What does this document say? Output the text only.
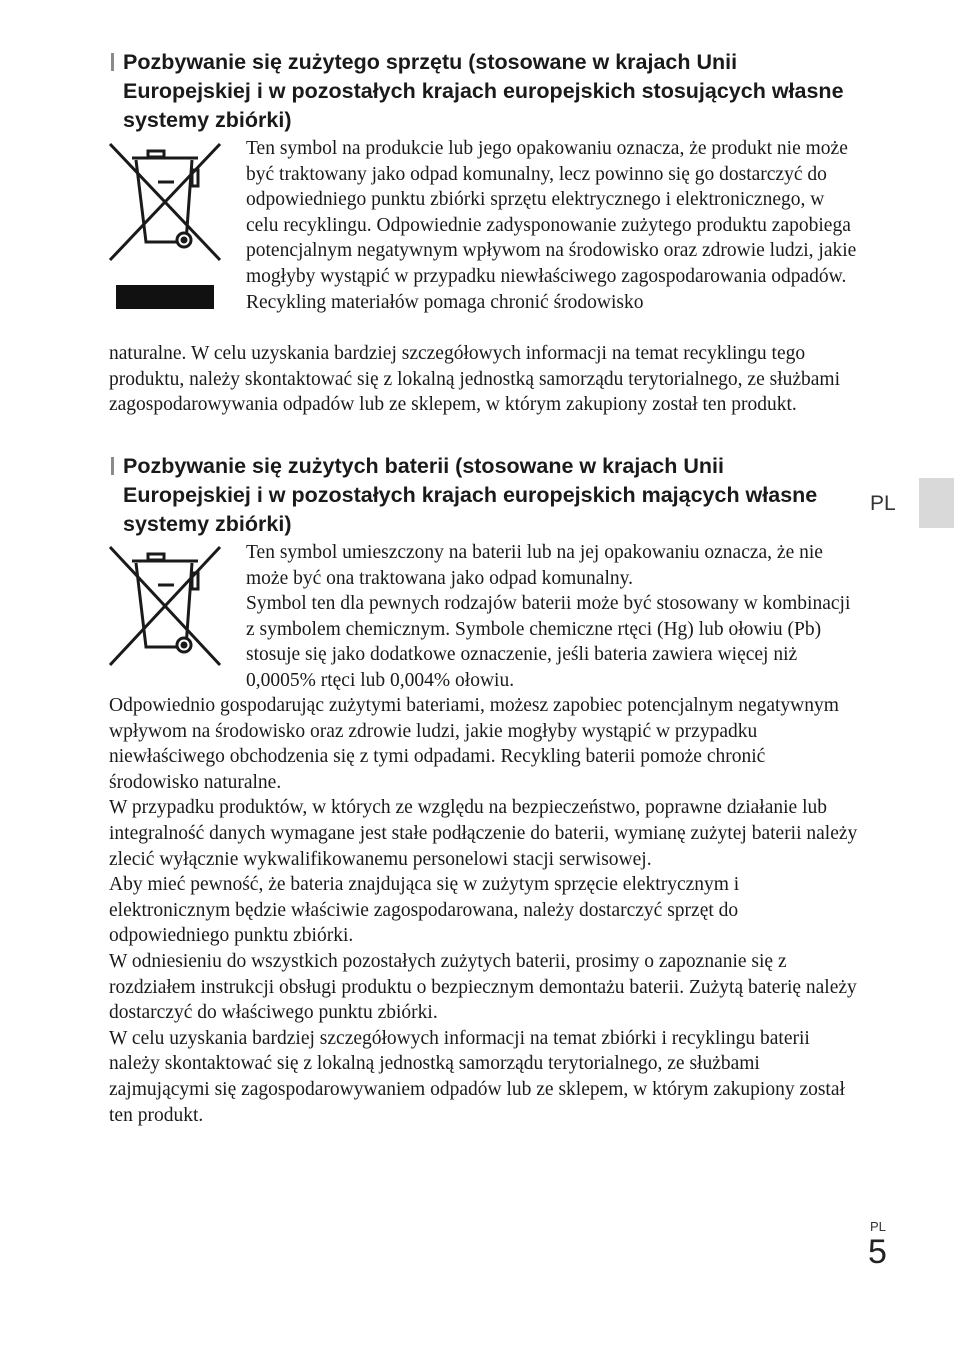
Pozbywanie się zużytego sprzętu (stosowane w krajach Unii Europejskiej i w pozostałych krajach europejskich stosujących własne systemy zbiórki)
Ten symbol na produkcie lub jego opakowaniu oznacza, że produkt nie może być traktowany jako odpad komunalny, lecz powinno się go dostarczyć do odpowiedniego punktu zbiórki sprzętu elektrycznego i elektronicznego, w celu recyklingu. Odpowiednie zadysponowanie zużytego produktu zapobiega potencjalnym negatywnym wpływom na środowisko oraz zdrowie ludzi, jakie mogłyby wystąpić w przypadku niewłaściwego zagospodarowania odpadów. Recykling materiałów pomaga chronić środowisko
naturalne. W celu uzyskania bardziej szczegółowych informacji na temat recyklingu tego produktu, należy skontaktować się z lokalną jednostką samorządu terytorialnego, ze służbami zagospodarowywania odpadów lub ze sklepem, w którym zakupiony został ten produkt.
Pozbywanie się zużytych baterii (stosowane w krajach Unii Europejskiej i w pozostałych krajach europejskich mających własne systemy zbiórki)

Ten symbol umieszczony na baterii lub na jej opakowaniu oznacza, że nie może być ona traktowana jako odpad komunalny.

Symbol ten dla pewnych rodzajów baterii może być stosowany w kombinacji z symbolem chemicznym. Symbole chemiczne rtęci (Hg) lub ołowiu (Pb) stosuje się jako dodatkowe oznaczenie, jeśli bateria zawiera więcej niż 0,0005% rtęci lub 0,004% ołowiu.

Odpowiednio gospodarując zużytymi bateriami, możesz zapobiec potencjalnym negatywnym wpływom na środowisko oraz zdrowie ludzi, jakie mogłyby wystąpić w przypadku niewłaściwego obchodzenia się z tymi odpadami. Recykling baterii pomoże chronić środowisko naturalne.

W przypadku produktów, w których ze względu na bezpieczeństwo, poprawne działanie lub integralność danych wymagane jest stałe podłączenie do baterii, wymianę zużytej baterii należy zlecić wyłącznie wykwalifikowanemu personelowi stacji serwisowej.

Aby mieć pewność, że bateria znajdująca się w zużytym sprzęcie elektrycznym i elektronicznym będzie właściwie zagospodarowana, należy dostarczyć sprzęt do odpowiedniego punktu zbiórki.

W odniesieniu do wszystkich pozostałych zużytych baterii, prosimy o zapoznanie się z rozdziałem instrukcji obsługi produktu o bezpiecznym demontażu baterii. Zużytą baterię należy dostarczyć do właściwego punktu zbiórki.

W celu uzyskania bardziej szczegółowych informacji na temat zbiórki i recyklingu baterii należy skontaktować się z lokalną jednostką samorządu terytorialnego, ze służbami zajmującymi się zagospodarowywaniem odpadów lub ze sklepem, w którym zakupiony został ten produkt.

PL
PL
5
